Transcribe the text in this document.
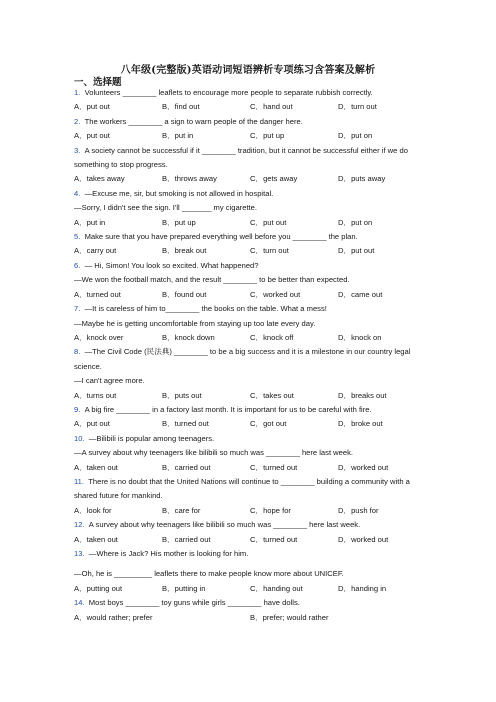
八年级(完整版)英语动词短语辨析专项练习含答案及解析
一、选择题
1. Volunteers ________ leaflets to encourage more people to separate rubbish correctly.
A．put out	B．find out	C．hand out	D．turn out
2. The workers ________ a sign to warn people of the danger here.
A．put out	B．put in	C．put up	D．put on
3. A society cannot be successful if it ________ tradition, but it cannot be successful either if we do something to stop progress.
A．takes away	B．throws away	C．gets away	D．puts away
4. —Excuse me, sir, but smoking is not allowed in hospital.
—Sorry, I didn't see the sign. I'll _______ my cigarette.
A．put in	B．put up	C．put out	D．put on
5. Make sure that you have prepared everything well before you ________ the plan.
A．carry out	B．break out	C．turn out	D．put out
6. — Hi, Simon! You look so excited. What happened?
—We won the football match, and the result ________ to be better than expected.
A．turned out	B．found out	C．worked out	D．came out
7. —It is careless of him to________ the books on the table. What a mess!
—Maybe he is getting uncomfortable from staying up too late every day.
A．knock over	B．knock down	C．knock off	D．knock on
8. —The Civil Code (民法典) ________ to be a big success and it is a milestone in our country legal science.
—I can't agree more.
A．turns out	B．puts out	C．takes out	D．breaks out
9. A big fire ________ in a factory last month. It is important for us to be careful with fire.
A．put out	B．turned out	C．got out	D．broke out
10. —Bilibili is popular among teenagers.
—A survey about why teenagers like bilibili so much was ________ here last week.
A．taken out	B．carried out	C．turned out	D．worked out
11. There is no doubt that the United Nations will continue to ________ building a community with a shared future for mankind.
A．look for	B．care for	C．hope for	D．push for
12. A survey about why teenagers like bilibili so much was ________ here last week.
A．taken out	B．carried out	C．turned out	D．worked out
13. —Where is Jack? His mother is looking for him.
—Oh, he is _________ leaflets there to make people know more about UNICEF.
A．putting out	B．putting in	C．handing out	D．handing in
14. Most boys ________ toy guns while girls ________ have dolls.
A．would rather; prefer	B．prefer; would rather
